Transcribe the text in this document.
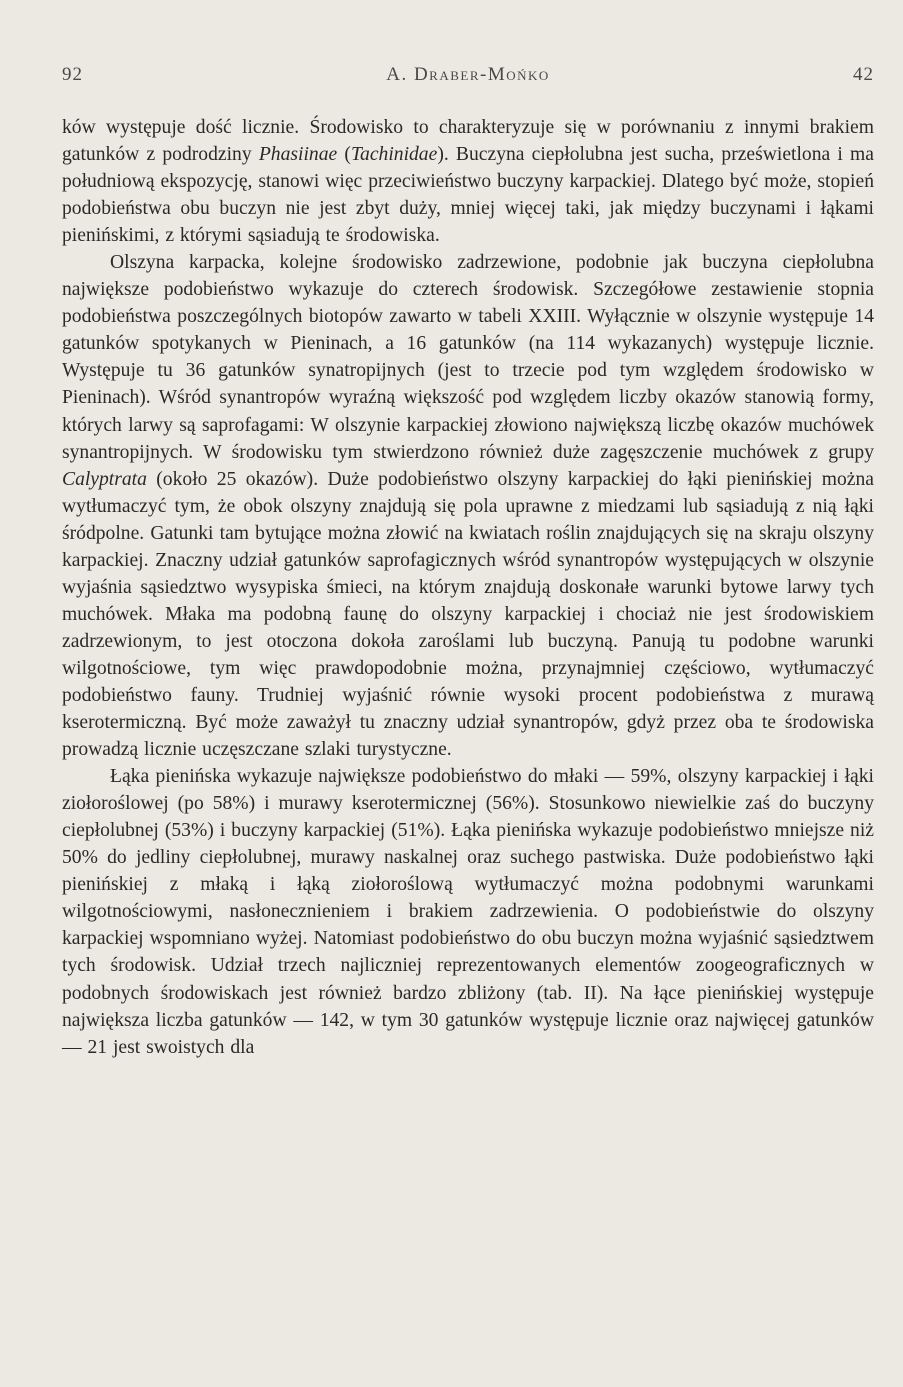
92	A. Draber-Mońko	42

ków występuje dość licznie. Środowisko to charakteryzuje się w porównaniu z innymi brakiem gatunków z podrodziny Phasiinae (Tachinidae). Buczyna ciepłolubna jest sucha, prześwietlona i ma południową ekspozycję, stanowi więc przeciwieństwo buczyny karpackiej. Dlatego być może, stopień podobieństwa obu buczyn nie jest zbyt duży, mniej więcej taki, jak między buczynami i łąkami pienińskimi, z którymi sąsiadują te środowiska.

Olszyna karpacka, kolejne środowisko zadrzewione, podobnie jak buczyna ciepłolubna największe podobieństwo wykazuje do czterech środowisk. Szczegółowe zestawienie stopnia podobieństwa poszczególnych biotopów zawarto w tabeli XXIII. Wyłącznie w olszynie występuje 14 gatunków spotykanych w Pieninach, a 16 gatunków (na 114 wykazanych) występuje licznie. Występuje tu 36 gatunków synatropijnych (jest to trzecie pod tym względem środowisko w Pieninach). Wśród synantropów wyraźną większość pod względem liczby okazów stanowią formy, których larwy są saprofagami: W olszynie karpackiej złowiono największą liczbę okazów muchówek synantropijnych. W środowisku tym stwierdzono również duże zagęszczenie muchówek z grupy Calyptrata (około 25 okazów). Duże podobieństwo olszyny karpackiej do łąki pienińskiej można wytłumaczyć tym, że obok olszyny znajdują się pola uprawne z miedzami lub sąsiadują z nią łąki śródpolne. Gatunki tam bytujące można złowić na kwiatach roślin znajdujących się na skraju olszyny karpackiej. Znaczny udział gatunków saprofagicznych wśród synantropów występujących w olszynie wyjaśnia sąsiedztwo wysypiska śmieci, na którym znajdują doskonałe warunki bytowe larwy tych muchówek. Młaka ma podobną faunę do olszyny karpackiej i chociaż nie jest środowiskiem zadrzewionym, to jest otoczona dokoła zaroślami lub buczyną. Panują tu podobne warunki wilgotnościowe, tym więc prawdopodobnie można, przynajmniej częściowo, wytłumaczyć podobieństwo fauny. Trudniej wyjaśnić równie wysoki procent podobieństwa z murawą kserotermiczną. Być może zaważył tu znaczny udział synantropów, gdyż przez oba te środowiska prowadzą licznie uczęszczane szlaki turystyczne.

Łąka pienińska wykazuje największe podobieństwo do młaki — 59%, olszyny karpackiej i łąki ziołoroślowej (po 58%) i murawy kserotermicznej (56%). Stosunkowo niewielkie zaś do buczyny ciepłolubnej (53%) i buczyny karpackiej (51%). Łąka pienińska wykazuje podobieństwo mniejsze niż 50% do jedliny ciepłolubnej, murawy naskalnej oraz suchego pastwiska. Duże podobieństwo łąki pienińskiej z młaką i łąką ziołoroślową wytłumaczyć można podobnymi warunkami wilgotnościowymi, nasłonecznieniem i brakiem zadrzewienia. O podobieństwie do olszyny karpackiej wspomniano wyżej. Natomiast podobieństwo do obu buczyn można wyjaśnić sąsiedztwem tych środowisk. Udział trzech najliczniej reprezentowanych elementów zoogeograficznych w podobnych środowiskach jest również bardzo zbliżony (tab. II). Na łące pienińskiej występuje największa liczba gatunków — 142, w tym 30 gatunków występuje licznie oraz najwięcej gatunków — 21 jest swoistych dla
